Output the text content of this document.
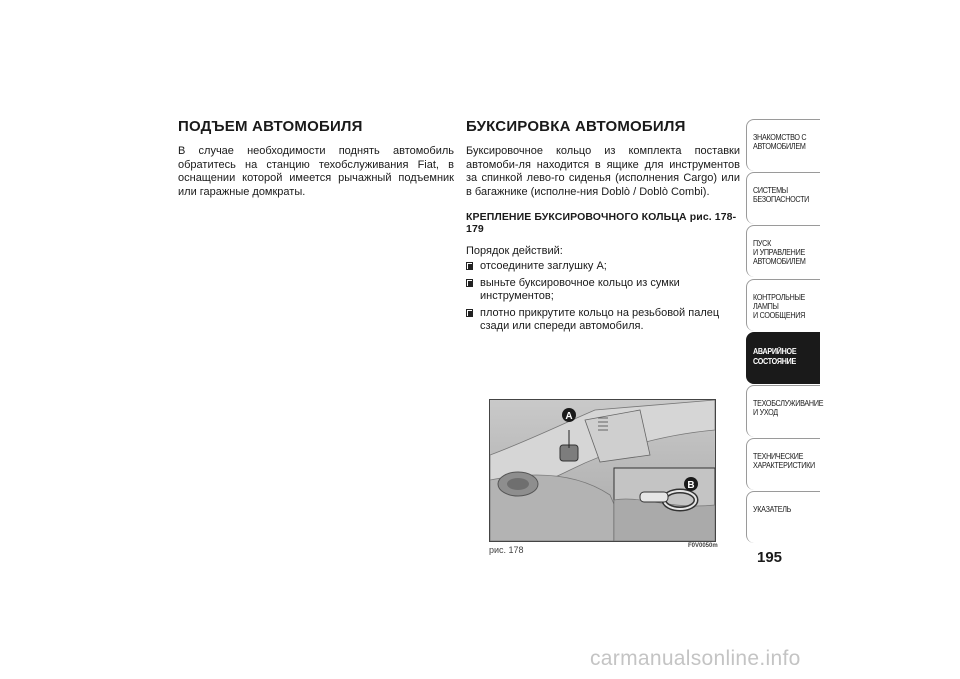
ПОДЪЕМ АВТОМОБИЛЯ

В случае необходимости поднять автомобиль обратитесь на станцию техобслуживания Fiat, в оснащении которой имеется рычажный подъемник или гаражные домкраты.

БУКСИРОВКА АВТОМОБИЛЯ

Буксировочное кольцо из комплекта поставки автомоби-ля находится в ящике для инструментов за спинкой лево-го сиденья (исполнения Cargo) или в багажнике (исполне-ния Doblò / Doblò Combi).

КРЕПЛЕНИЕ БУКСИРОВОЧНОГО КОЛЬЦА рис. 178-179
Порядок действий:
отсоедините заглушку А;
выньте буксировочное кольцо из сумки инструментов;
плотно прикрутите кольцо на резьбовой палец сзади или спереди автомобиля.
A
B
рис. 178	F0V0050m
ЗНАКОМСТВО С
АВТОМОБИЛЕМ
СИСТЕМЫ
БЕЗОПАСНОСТИ
ПУСК
И УПРАВЛЕНИЕ
АВТОМОБИЛЕМ
КОНТРОЛЬНЫЕ
ЛАМПЫ
И СООБЩЕНИЯ
АВАРИЙНОЕ
СОСТОЯНИЕ
ТЕХОБСЛУЖИВАНИЕ
И УХОД
ТЕХНИЧЕСКИЕ
ХАРАКТЕРИСТИКИ
УКАЗАТЕЛЬ
195
carmanualsonline.info
